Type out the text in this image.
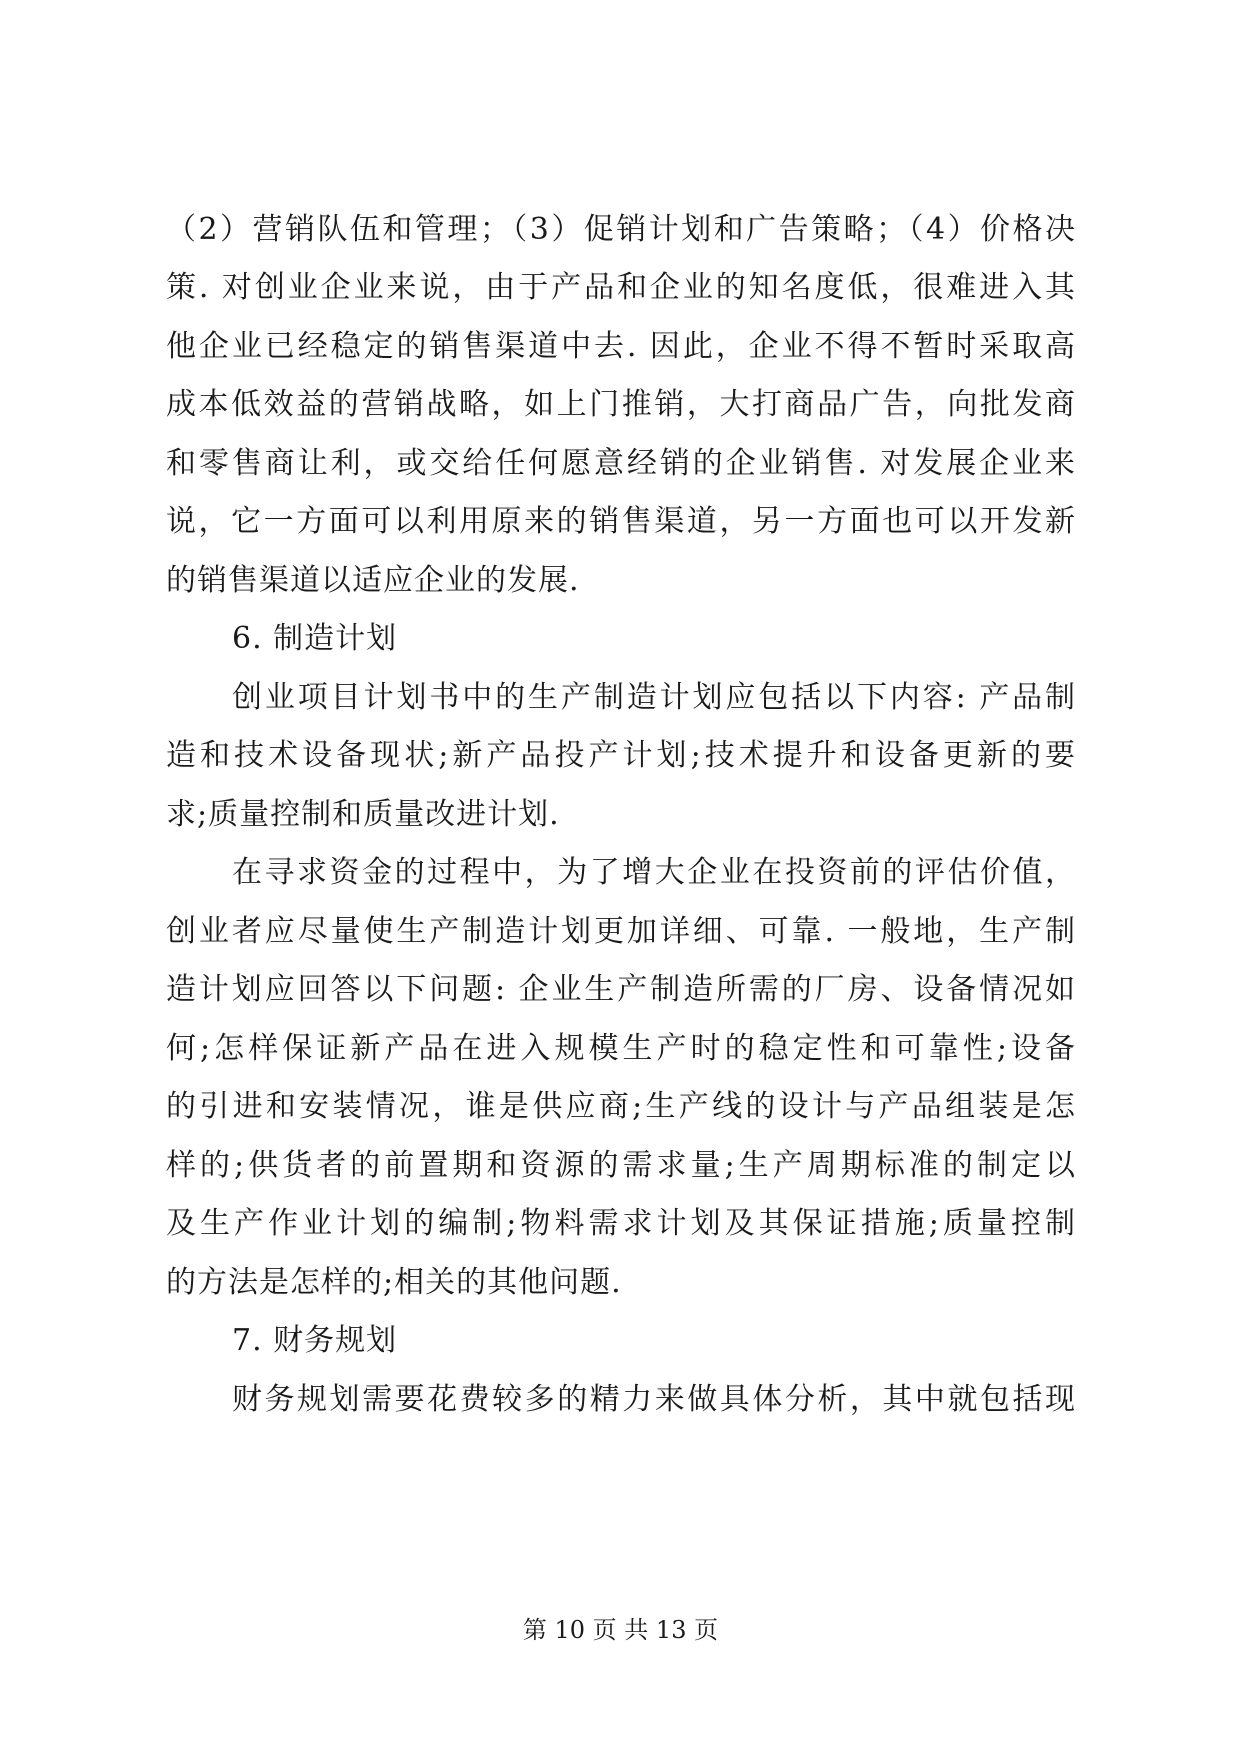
（2）营销队伍和管理；（3）促销计划和广告策略；（4）价格决
策. 对创业企业来说，由于产品和企业的知名度低，很难进入其
他企业已经稳定的销售渠道中去. 因此，企业不得不暂时采取高
成本低效益的营销战略，如上门推销，大打商品广告，向批发商
和零售商让利，或交给任何愿意经销的企业销售. 对发展企业来
说，它一方面可以利用原来的销售渠道，另一方面也可以开发新
的销售渠道以适应企业的发展.
6. 制造计划
创业项目计划书中的生产制造计划应包括以下内容: 产品制
造和技术设备现状;新产品投产计划;技术提升和设备更新的要
求;质量控制和质量改进计划.
在寻求资金的过程中，为了增大企业在投资前的评估价值，
创业者应尽量使生产制造计划更加详细、可靠. 一般地，生产制
造计划应回答以下问题: 企业生产制造所需的厂房、设备情况如
何;怎样保证新产品在进入规模生产时的稳定性和可靠性;设备
的引进和安装情况，谁是供应商;生产线的设计与产品组装是怎
样的;供货者的前置期和资源的需求量;生产周期标准的制定以
及生产作业计划的编制;物料需求计划及其保证措施;质量控制
的方法是怎样的;相关的其他问题.
7. 财务规划
财务规划需要花费较多的精力来做具体分析，其中就包括现
第 10 页 共 13 页
